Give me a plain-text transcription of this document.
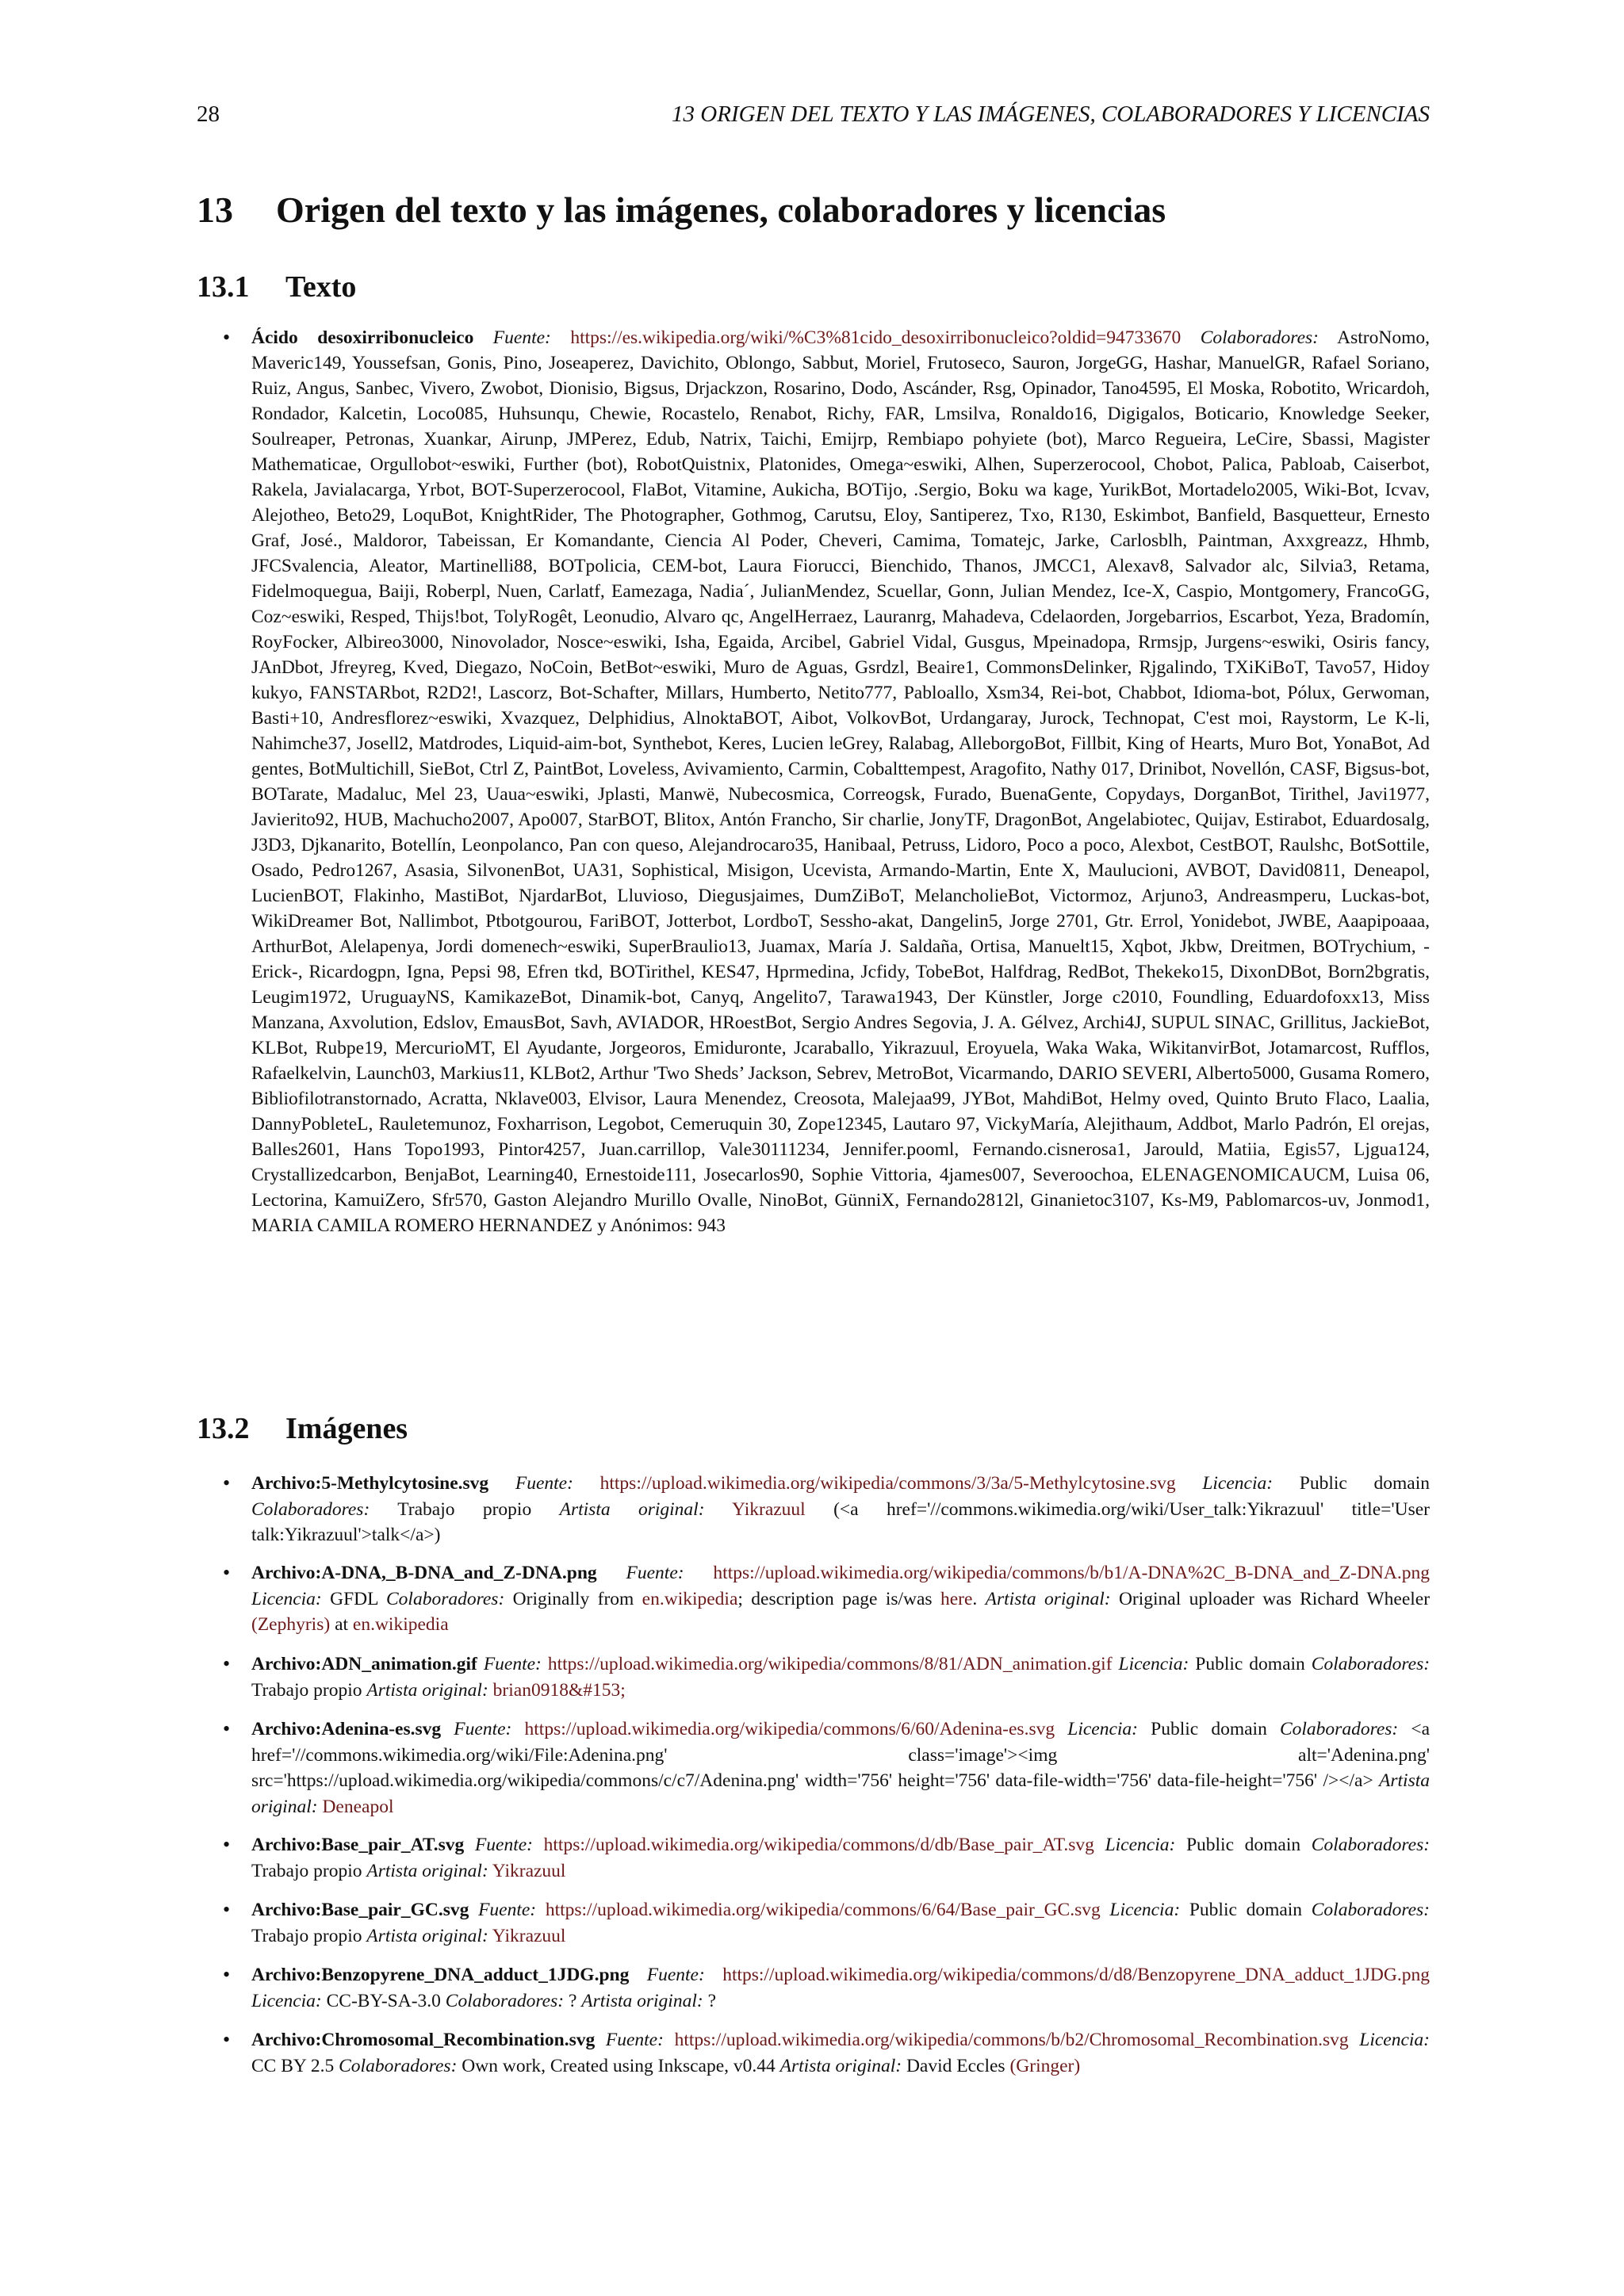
28	13 ORIGEN DEL TEXTO Y LAS IMÁGENES, COLABORADORES Y LICENCIAS
13 Origen del texto y las imágenes, colaboradores y licencias
13.1 Texto
• Ácido desoxirribonucleico Fuente: https://es.wikipedia.org/wiki/%C3%81cido_desoxirribonucleico?oldid=94733670 Colaboradores: AstroNomo, Maveric149, Youssefsan, Gonis, Pino, Joseaperez, Davichito, Oblongo, Sabbut, Moriel, Frutoseco, Sauron, JorgeGG, Hashar, ManuelGR, Rafael Soriano, Ruiz, Angus, Sanbec, Vivero, Zwobot, Dionisio, Bigsus, Drjackzon, Rosarino, Dodo, Ascánder, Rsg, Opinador, Tano4595, El Moska, Robotito, Wricardoh, Rondador, Kalcetin, Loco085, Huhsunqu, Chewie, Rocastelo, Renabot, Richy, FAR, Lmsilva, Ronaldo16, Digigalos, Boticario, Knowledge Seeker, Soulreaper, Petronas, Xuankar, Airunp, JMPerez, Edub, Natrix, Taichi, Emijrp, Rembiapo pohyiete (bot), Marco Regueira, LeCire, Sbassi, Magister Mathematicae, Orgullobot~eswiki, Further (bot), RobotQuistnix, Platonides, Omega~eswiki, Alhen, Superzerocool, Chobot, Palica, Pabloab, Caiserbot, Rakela, Javialacarga, Yrbot, BOT-Superzerocool, FlaBot, Vitamine, Aukicha, BOTijo, .Sergio, Boku wa kage, YurikBot, Mortadelo2005, Wiki-Bot, Icvav, Alejotheo, Beto29, LoquBot, KnightRider, The Photographer, Gothmog, Carutsu, Eloy, Santiperez, Txo, R130, Eskimbot, Banfield, Basquetteur, Ernesto Graf, José., Maldoror, Tabeissan, Er Komandante, Ciencia Al Poder, Cheveri, Camima, Tomatejc, Jarke, Carlosblh, Paintman, Axxgreazz, Hhmb, JFCSvalencia, Aleator, Martinelli88, BOTpolicia, CEM-bot, Laura Fiorucci, Bienchido, Thanos, JMCC1, Alexav8, Salvador alc, Silvia3, Retama, Fidelmoquegua, Baiji, Roberpl, Nuen, Carlatf, Eamezaga, Nadia´, JulianMendez, Scuellar, Gonn, Julian Mendez, Ice-X, Caspio, Montgomery, FrancoGG, Coz~eswiki, Resped, Thijs!bot, TolyRogêt, Leonudio, Alvaro qc, AngelHerraez, Lauranrg, Mahadeva, Cdelaorden, Jorgebarrios, Escarbot, Yeza, Bradomín, RoyFocker, Albireo3000, Ninovolador, Nosce~eswiki, Isha, Egaida, Arcibel, Gabriel Vidal, Gusgus, Mpeinadopa, Rrmsjp, Jurgens~eswiki, Osiris fancy, JAnDbot, Jfreyreg, Kved, Diegazo, NoCoin, BetBot~eswiki, Muro de Aguas, Gsrdzl, Beaire1, CommonsDelinker, Rjgalindo, TXiKiBoT, Tavo57, Hidoy kukyo, FANSTARbot, R2D2!, Lascorz, Bot-Schafter, Millars, Humberto, Netito777, Pabloallo, Xsm34, Rei-bot, Chabbot, Idioma-bot, Pólux, Gerwoman, Basti+10, Andresflorez~eswiki, Xvazquez, Delphidius, AlnoktaBOT, Aibot, VolkovBot, Urdangaray, Jurock, Technopat, C'est moi, Raystorm, Le K-li, Nahimche37, Josell2, Matdrodes, Liquid-aim-bot, Synthebot, Keres, Lucien leGrey, Ralabag, AlleborgoBot, Fillbit, King of Hearts, Muro Bot, YonaBot, Ad gentes, BotMultichill, SieBot, Ctrl Z, PaintBot, Loveless, Avivamiento, Carmin, Cobalttempest, Aragofito, Nathy 017, Drinibot, Novellón, CASF, Bigsus-bot, BOTarate, Madaluc, Mel 23, Uaua~eswiki, Jplasti, Manwë, Nubecosmica, Correogsk, Furado, BuenaGente, Copydays, DorganBot, Tirithel, Javi1977, Javierito92, HUB, Machucho2007, Apo007, StarBOT, Blitox, Antón Francho, Sir charlie, JonyTF, DragonBot, Angelabiotec, Quijav, Estirabot, Eduardosalg, J3D3, Djkanarito, Botellín, Leonpolanco, Pan con queso, Alejandrocaro35, Hanibaal, Petruss, Lidoro, Poco a poco, Alexbot, CestBOT, Raulshc, BotSottile, Osado, Pedro1267, Asasia, SilvonenBot, UA31, Sophistical, Misigon, Ucevista, Armando-Martin, Ente X, Maulucioni, AVBOT, David0811, Deneapol, LucienBOT, Flakinho, MastiBot, NjardarBot, Lluvioso, Diegusjaimes, DumZiBoT, MelancholieBot, Victormoz, Arjuno3, Andreasmperu, Luckas-bot, WikiDreamer Bot, Nallimbot, Ptbotgourou, FariBOT, Jotterbot, LordboT, Sessho-akat, Dangelin5, Jorge 2701, Gtr. Errol, Yonidebot, JWBE, Aaapipoaaa, ArthurBot, Alelapenya, Jordi domenech~eswiki, SuperBraulio13, Juamax, María J. Saldaña, Ortisa, Manuelt15, Xqbot, Jkbw, Dreitmen, BOTrychium, -Erick-, Ricardogpn, Igna, Pepsi 98, Efren tkd, BOTirithel, KES47, Hprmedina, Jcfidy, TobeBot, Halfdrag, RedBot, Thekeko15, DixonDBot, Born2bgratis, Leugim1972, UruguayNS, KamikazeBot, Dinamik-bot, Canyq, Angelito7, Tarawa1943, Der Künstler, Jorge c2010, Foundling, Eduardofoxx13, Miss Manzana, Axvolution, Edslov, EmausBot, Savh, AVIADOR, HRoestBot, Sergio Andres Segovia, J. A. Gélvez, Archi4J, SUPUL SINAC, Grillitus, JackieBot, KLBot, Rubpe19, MercurioMT, El Ayudante, Jorgeoros, Emiduronte, Jcaraballo, Yikrazuul, Eroyuela, Waka Waka, WikitanvirBot, Jotamarcost, Rufflos, Rafaelkelvin, Launch03, Markius11, KLBot2, Arthur 'Two Sheds’ Jackson, Sebrev, MetroBot, Vicarmando, DARIO SEVERI, Alberto5000, Gusama Romero, Bibliofilotranstornado, Acratta, Nklave003, Elvisor, Laura Menendez, Creosota, Malejaa99, JYBot, MahdiBot, Helmy oved, Quinto Bruto Flaco, Laalia, DannyPobleteL, Rauletemunoz, Foxharrison, Legobot, Cemeruquin 30, Zope12345, Lautaro 97, VickyMaría, Alejithaum, Addbot, Marlo Padrón, El orejas, Balles2601, Hans Topo1993, Pintor4257, Juan.carrillop, Vale30111234, Jennifer.pooml, Fernando.cisnerosa1, Jarould, Matiia, Egis57, Ljgua124, Crystallizedcarbon, BenjaBot, Learning40, Ernestoide111, Josecarlos90, Sophie Vittoria, 4james007, Severoochoa, ELENAGENOMICAUCM, Luisa 06, Lectorina, KamuiZero, Sfr570, Gaston Alejandro Murillo Ovalle, NinoBot, GünniX, Fernando2812l, Ginanietoc3107, Ks-M9, Pablomarcos-uv, Jonmod1, MARIA CAMILA ROMERO HERNANDEZ y Anónimos: 943
13.2 Imágenes
• Archivo:5-Methylcytosine.svg Fuente: https://upload.wikimedia.org/wikipedia/commons/3/3a/5-Methylcytosine.svg Licencia: Public domain Colaboradores: Trabajo propio Artista original: Yikrazuul (<a href='//commons.wikimedia.org/wiki/User_talk:Yikrazuul' title='User talk:Yikrazuul'>talk</a>)
• Archivo:A-DNA,_B-DNA_and_Z-DNA.png Fuente: https://upload.wikimedia.org/wikipedia/commons/b/b1/A-DNA%2C_B-DNA_and_Z-DNA.png Licencia: GFDL Colaboradores: Originally from en.wikipedia; description page is/was here. Artista original: Original uploader was Richard Wheeler (Zephyris) at en.wikipedia
• Archivo:ADN_animation.gif Fuente: https://upload.wikimedia.org/wikipedia/commons/8/81/ADN_animation.gif Licencia: Public domain Colaboradores: Trabajo propio Artista original: brian0918&#153;
• Archivo:Adenina-es.svg Fuente: https://upload.wikimedia.org/wikipedia/commons/6/60/Adenina-es.svg Licencia: Public domain Colaboradores: <a href='//commons.wikimedia.org/wiki/File:Adenina.png' class='image'><img alt='Adenina.png' src='https://upload.wikimedia.org/wikipedia/commons/c/c7/Adenina.png' width='756' height='756' data-file-width='756' data-file-height='756' /></a> Artista original: Deneapol
• Archivo:Base_pair_AT.svg Fuente: https://upload.wikimedia.org/wikipedia/commons/d/db/Base_pair_AT.svg Licencia: Public domain Colaboradores: Trabajo propio Artista original: Yikrazuul
• Archivo:Base_pair_GC.svg Fuente: https://upload.wikimedia.org/wikipedia/commons/6/64/Base_pair_GC.svg Licencia: Public domain Colaboradores: Trabajo propio Artista original: Yikrazuul
• Archivo:Benzopyrene_DNA_adduct_1JDG.png Fuente: https://upload.wikimedia.org/wikipedia/commons/d/d8/Benzopyrene_DNA_adduct_1JDG.png Licencia: CC-BY-SA-3.0 Colaboradores: ? Artista original: ?
• Archivo:Chromosomal_Recombination.svg Fuente: https://upload.wikimedia.org/wikipedia/commons/b/b2/Chromosomal_Recombination.svg Licencia: CC BY 2.5 Colaboradores: Own work, Created using Inkscape, v0.44 Artista original: David Eccles (Gringer)
